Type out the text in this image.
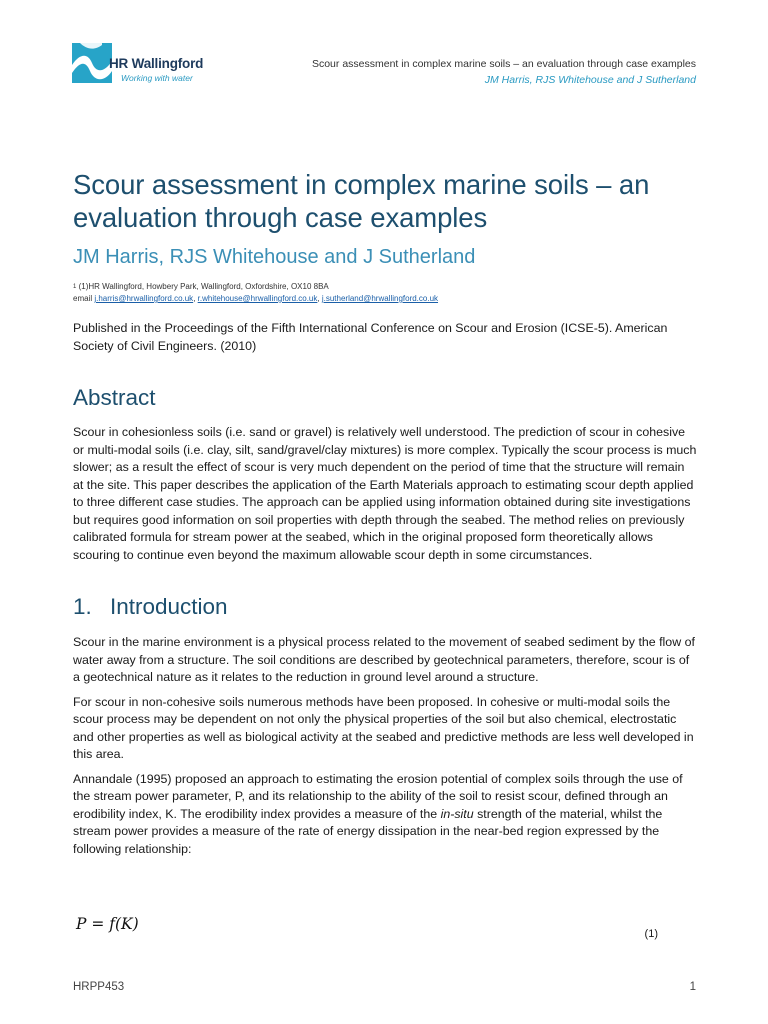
HR Wallingford
Working with water
Scour assessment in complex marine soils – an evaluation through case examples
JM Harris, RJS Whitehouse and J Sutherland
Scour assessment in complex marine soils – an evaluation through case examples
JM Harris, RJS Whitehouse and J Sutherland
$^1$ (1)HR Wallingford, Howbery Park, Wallingford, Oxfordshire, OX10 8BA
email j.harris@hrwallingford.co.uk, r.whitehouse@hrwallingford.co.uk, j.sutherland@hrwallingford.co.uk

Published in the Proceedings of the Fifth International Conference on Scour and Erosion (ICSE-5). American Society of Civil Engineers. (2010)

Abstract

Scour in cohesionless soils (i.e. sand or gravel) is relatively well understood. The prediction of scour in cohesive or multi-modal soils (i.e. clay, silt, sand/gravel/clay mixtures) is more complex. Typically the scour process is much slower; as a result the effect of scour is very much dependent on the period of time that the structure will remain at the site. This paper describes the application of the Earth Materials approach to estimating scour depth applied to three different case studies. The approach can be applied using information obtained during site investigations but requires good information on soil properties with depth through the seabed. The method relies on previously calibrated formula for stream power at the seabed, which in the original proposed form theoretically allows scouring to continue even beyond the maximum allowable scour depth in some circumstances.

1. Introduction

Scour in the marine environment is a physical process related to the movement of seabed sediment by the flow of water away from a structure. The soil conditions are described by geotechnical parameters, therefore, scour is of a geotechnical nature as it relates to the reduction in ground level around a structure.

For scour in non-cohesive soils numerous methods have been proposed. In cohesive or multi-modal soils the scour process may be dependent on not only the physical properties of the soil but also chemical, electrostatic and other properties as well as biological activity at the seabed and predictive methods are less well developed in this area.

Annandale (1995) proposed an approach to estimating the erosion potential of complex soils through the use of the stream power parameter, P, and its relationship to the ability of the soil to resist scour, defined through an erodibility index, K. The erodibility index provides a measure of the in-situ strength of the material, whilst the stream power provides a measure of the rate of energy dissipation in the near-bed region expressed by the following relationship:

P = f(K)
(1)
HRPP453	1
